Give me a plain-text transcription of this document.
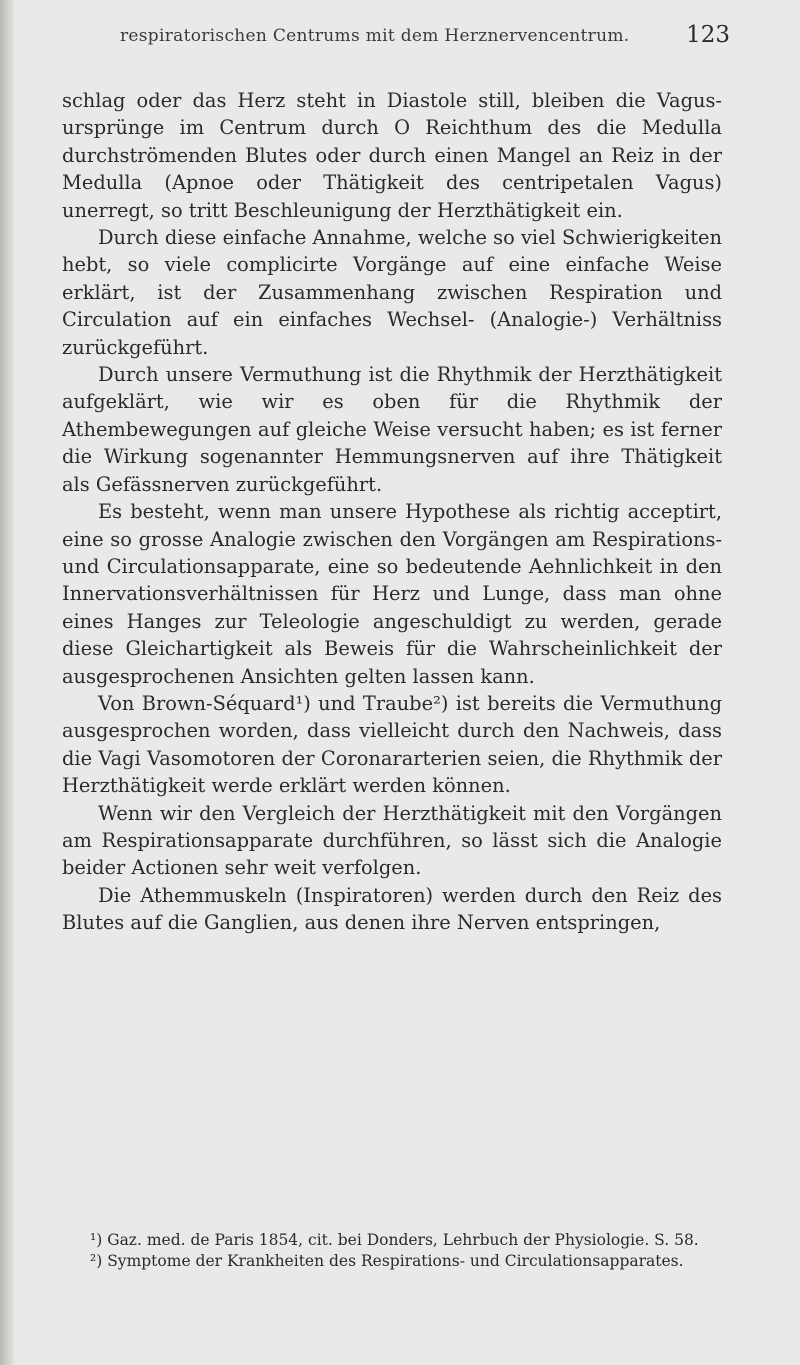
respiratorischen Centrums mit dem Herznervencentrum. 123

schlag oder das Herz steht in Diastole still, bleiben die Vagus-ursprünge im Centrum durch O Reichthum des die Medulla durchströmenden Blutes oder durch einen Mangel an Reiz in der Medulla (Apnoe oder Thätigkeit des centripetalen Vagus) unerregt, so tritt Beschleunigung der Herzthätigkeit ein.

Durch diese einfache Annahme, welche so viel Schwierigkeiten hebt, so viele complicirte Vorgänge auf eine einfache Weise erklärt, ist der Zusammenhang zwischen Respiration und Circulation auf ein einfaches Wechsel- (Analogie-) Verhältniss zurückgeführt.

Durch unsere Vermuthung ist die Rhythmik der Herzthätigkeit aufgeklärt, wie wir es oben für die Rhythmik der Athembewegungen auf gleiche Weise versucht haben; es ist ferner die Wirkung sogenannter Hemmungsnerven auf ihre Thätigkeit als Gefässnerven zurückgeführt.

Es besteht, wenn man unsere Hypothese als richtig acceptirt, eine so grosse Analogie zwischen den Vorgängen am Respirations- und Circulationsapparate, eine so bedeutende Aehnlichkeit in den Innervationsverhältnissen für Herz und Lunge, dass man ohne eines Hanges zur Teleologie angeschuldigt zu werden, gerade diese Gleichartigkeit als Beweis für die Wahrscheinlichkeit der ausgesprochenen Ansichten gelten lassen kann.

Von Brown-Séquard¹) und Traube²) ist bereits die Vermuthung ausgesprochen worden, dass vielleicht durch den Nachweis, dass die Vagi Vasomotoren der Coronararterien seien, die Rhythmik der Herzthätigkeit werde erklärt werden können.

Wenn wir den Vergleich der Herzthätigkeit mit den Vorgängen am Respirationsapparate durchführen, so lässt sich die Analogie beider Actionen sehr weit verfolgen.

Die Athemmuskeln (Inspiratoren) werden durch den Reiz des Blutes auf die Ganglien, aus denen ihre Nerven entspringen,

¹) Gaz. med. de Paris 1854, cit. bei Donders, Lehrbuch der Physiologie. S. 58.

²) Symptome der Krankheiten des Respirations- und Circulationsapparates.
